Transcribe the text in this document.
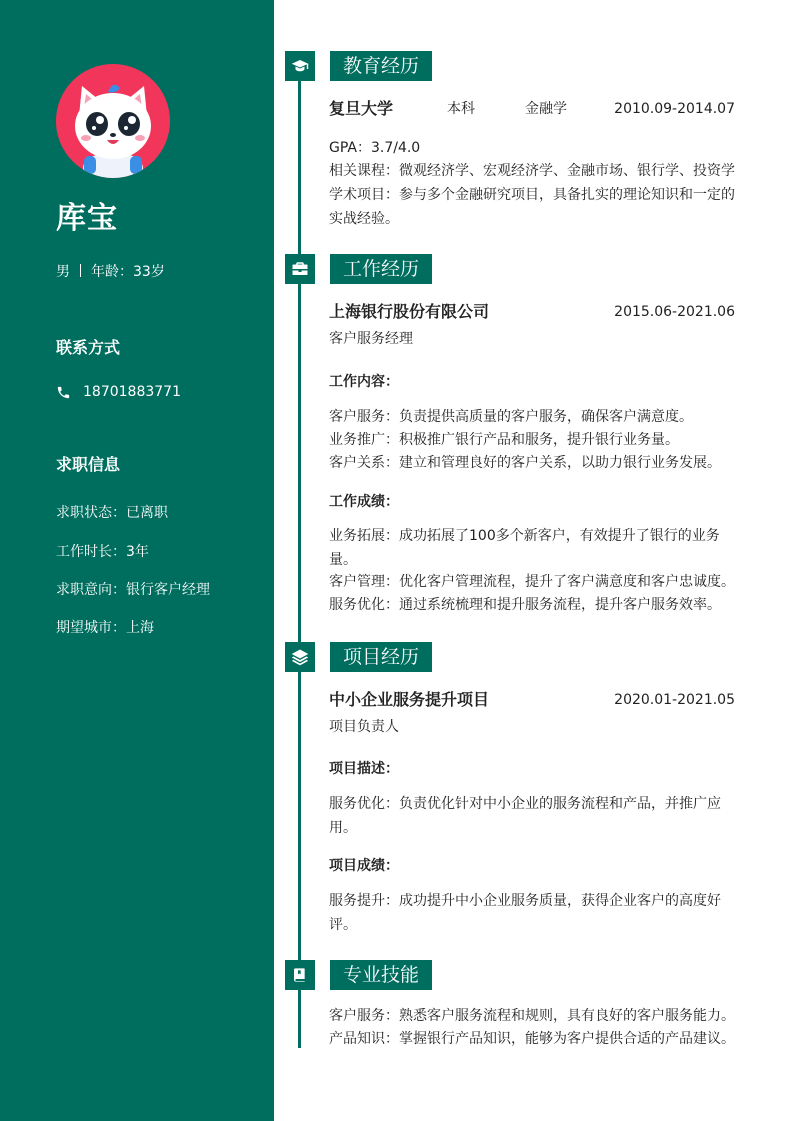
库宝
男 年龄：33岁
联系方式
18701883771
求职信息
求职状态：已离职
工作时长：3年
求职意向：银行客户经理
期望城市：上海
教育经历
复旦大学	本科	金融学	2010.09-2014.07
GPA：3.7/4.0
相关课程：微观经济学、宏观经济学、金融市场、银行学、投资学
学术项目：参与多个金融研究项目，具备扎实的理论知识和一定的实战经验。
工作经历
上海银行股份有限公司	2015.06-2021.06
客户服务经理
工作内容：
客户服务：负责提供高质量的客户服务，确保客户满意度。
业务推广：积极推广银行产品和服务，提升银行业务量。
客户关系：建立和管理良好的客户关系，以助力银行业务发展。
工作成绩：
业务拓展：成功拓展了100多个新客户，有效提升了银行的业务量。
客户管理：优化客户管理流程，提升了客户满意度和客户忠诚度。
服务优化：通过系统梳理和提升服务流程，提升客户服务效率。
项目经历
中小企业服务提升项目	2020.01-2021.05
项目负责人
项目描述：
服务优化：负责优化针对中小企业的服务流程和产品，并推广应用。
项目成绩：
服务提升：成功提升中小企业服务质量，获得企业客户的高度好评。
专业技能
客户服务：熟悉客户服务流程和规则，具有良好的客户服务能力。
产品知识：掌握银行产品知识，能够为客户提供合适的产品建议。
